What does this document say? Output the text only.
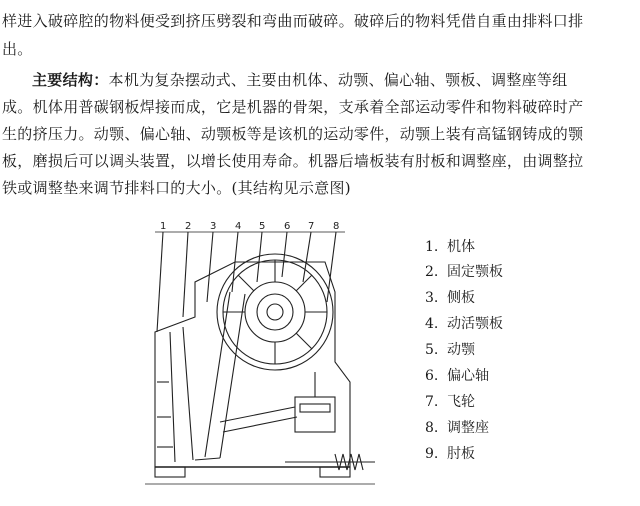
样进入破碎腔的物料便受到挤压劈裂和弯曲而破碎。破碎后的物料凭借自重由排料口排
出。
主要结构：本机为复杂摆动式、主要由机体、动颚、偏心轴、颚板、调整座等组
成。机体用普碳钢板焊接而成，它是机器的骨架，支承着全部运动零件和物料破碎时产
生的挤压力。动颚、偏心轴、动颚板等是该机的运动零件，动颚上装有高锰钢铸成的颚
板，磨损后可以调头装置，以增长使用寿命。机器后墙板装有肘板和调整座，由调整拉
铁或调整垫来调节排料口的大小。(其结构见示意图)
1 2 3 4 5 6 7 8
1. 机体
2. 固定颚板
3. 侧板
4. 动活颚板
5. 动颚
6. 偏心轴
7. 飞轮
8. 调整座
9. 肘板
